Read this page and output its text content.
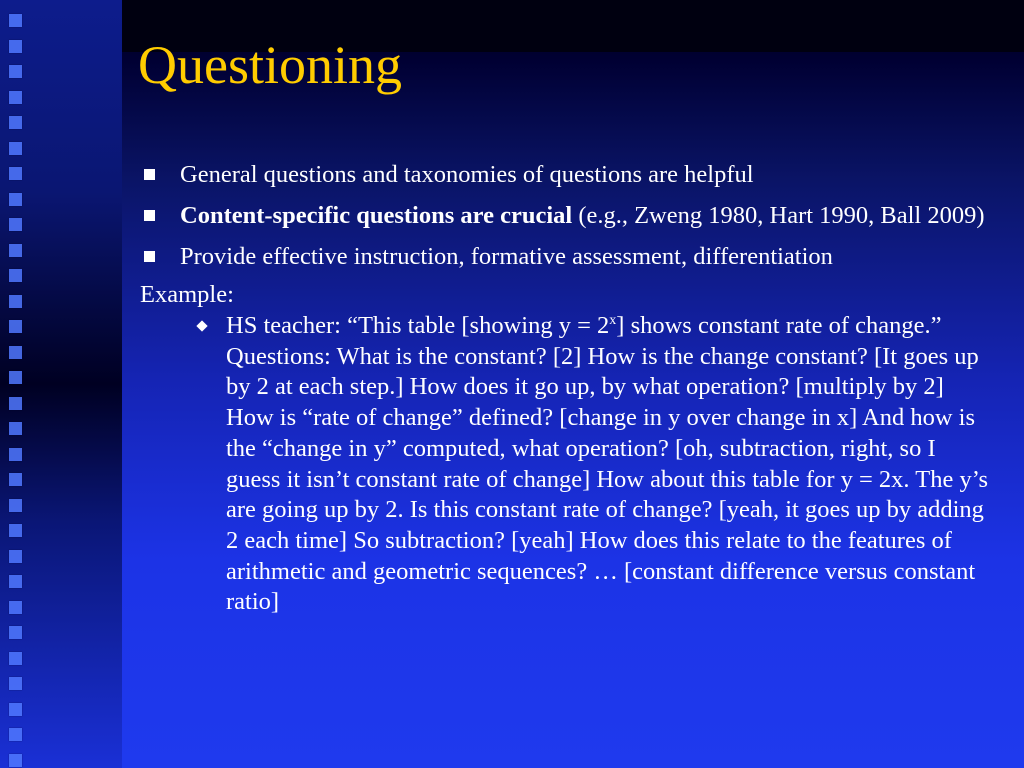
Questioning
General questions and taxonomies of questions are helpful
Content-specific questions are crucial (e.g., Zweng 1980, Hart 1990, Ball 2009)
Provide effective instruction, formative assessment, differentiation
Example:
HS teacher: “This table [showing $y = 2^x$] shows constant rate of change.” Questions: What is the constant? [2] How is the change constant? [It goes up by 2 at each step.] How does it go up, by what operation? [multiply by 2] How is “rate of change” defined? [change in y over change in x] And how is the “change in y” computed, what operation? [oh, subtraction, right, so I guess it isn’t constant rate of change] How about this table for y = 2x. The y’s are going up by 2. Is this constant rate of change? [yeah, it goes up by adding 2 each time] So subtraction? [yeah] How does this relate to the features of arithmetic and geometric sequences? … [constant difference versus constant ratio]
